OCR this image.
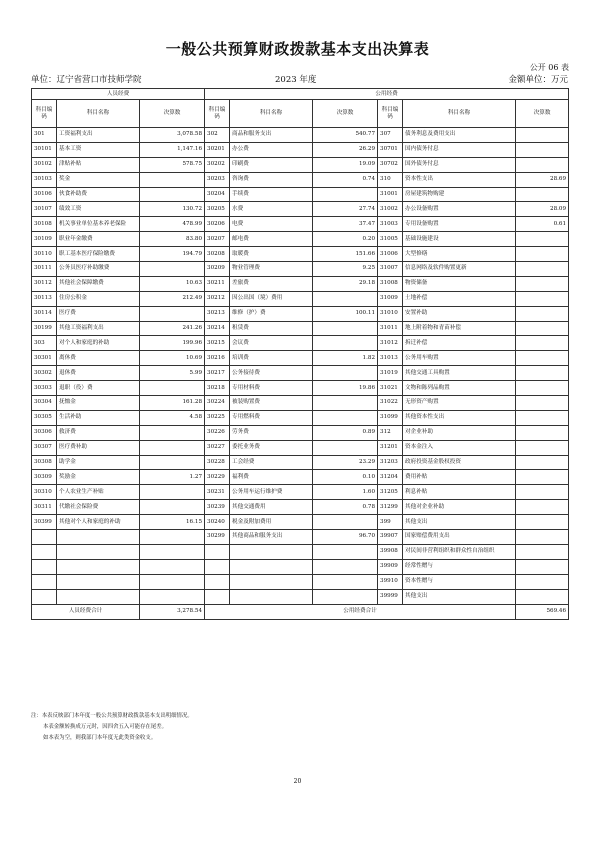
一般公共预算财政拨款基本支出决算表
公开 06 表
单位：辽宁省营口市技师学院	2023 年度	金额单位：万元
人员经费			公用经费					
科目编码	科目名称	决算数	科目编码	科目名称	决算数	科目编码	科目名称	决算数
301	工资福利支出	3,078.58	302	商品和服务支出	540.77	307	债务利息及费用支出	
30101	基本工资	1,147.16	30201	办公费	26.29	30701	国内债务付息	
30102	津贴补贴	578.75	30202	印刷费	19.09	30702	国外债务付息	
30103	奖金		30203	咨询费	0.74	310	资本性支出	28.69
30106	伙食补助费		30204	手续费		31001	房屋建筑物购建	
30107	绩效工资	130.72	30205	水费	27.74	31002	办公设备购置	28.09
30108	机关事业单位基本养老保险	478.99	30206	电费	37.47	31003	专用设备购置	0.61
30109	职业年金缴费	83.80	30207	邮电费	0.20	31005	基础设施建设	
30110	职工基本医疗保险缴费	194.79	30208	取暖费	151.66	31006	大型修缮	
30111	公务员医疗补助缴费		30209	物业管理费	9.25	31007	信息网络及软件购置更新	
30112	其他社会保障缴费	10.63	30211	差旅费	29.18	31008	物资储备	
30113	住房公积金	212.49	30212	因公出国（境）费用		31009	土地补偿	
30114	医疗费		30213	维修（护）费	100.11	31010	安置补助	
30199	其他工资福利支出	241.26	30214	租赁费		31011	地上附着物和青苗补偿	
303	对个人和家庭的补助	199.96	30215	会议费		31012	拆迁补偿	
30301	离休费	10.69	30216	培训费	1.82	31013	公务用车购置	
30302	退休费	5.99	30217	公务接待费		31019	其他交通工具购置	
30303	退职（役）费		30218	专用材料费	19.86	31021	文物和陈列品购置	
30304	抚恤金	161.28	30224	被装购置费		31022	无形资产购置	
30305	生活补助	4.58	30225	专用燃料费		31099	其他资本性支出	
30306	救济费		30226	劳务费	0.89	312	对企业补助	
30307	医疗费补助		30227	委托业务费		31201	资本金注入	
30308	助学金		30228	工会经费	23.29	31203	政府投资基金股权投资	
30309	奖励金	1.27	30229	福利费	0.10	31204	费用补贴	
30310	个人农业生产补贴		30231	公务用车运行维护费	1.60	31205	利息补贴	
30311	代缴社会保险费		30239	其他交通费用	0.78	31299	其他对企业补助	
30399	其他对个人和家庭的补助	16.15	30240	税金及附加费用		399	其他支出	
			30299	其他商品和服务支出	96.70	39907	国家赔偿费用支出	
						39908	对民间非营利组织和群众性自治组织	
						39909	经常性赠与	
						39910	资本性赠与	
						39999	其他支出	
人员经费合计		3,278.54	公用经费合计					569.46
注：本表反映部门本年度一般公共预算财政拨款基本支出明细情况。
本表金额转换成万元时，因四舍五入可能存在尾差。
如本表为空，则我部门本年度无此类资金收支。
20
